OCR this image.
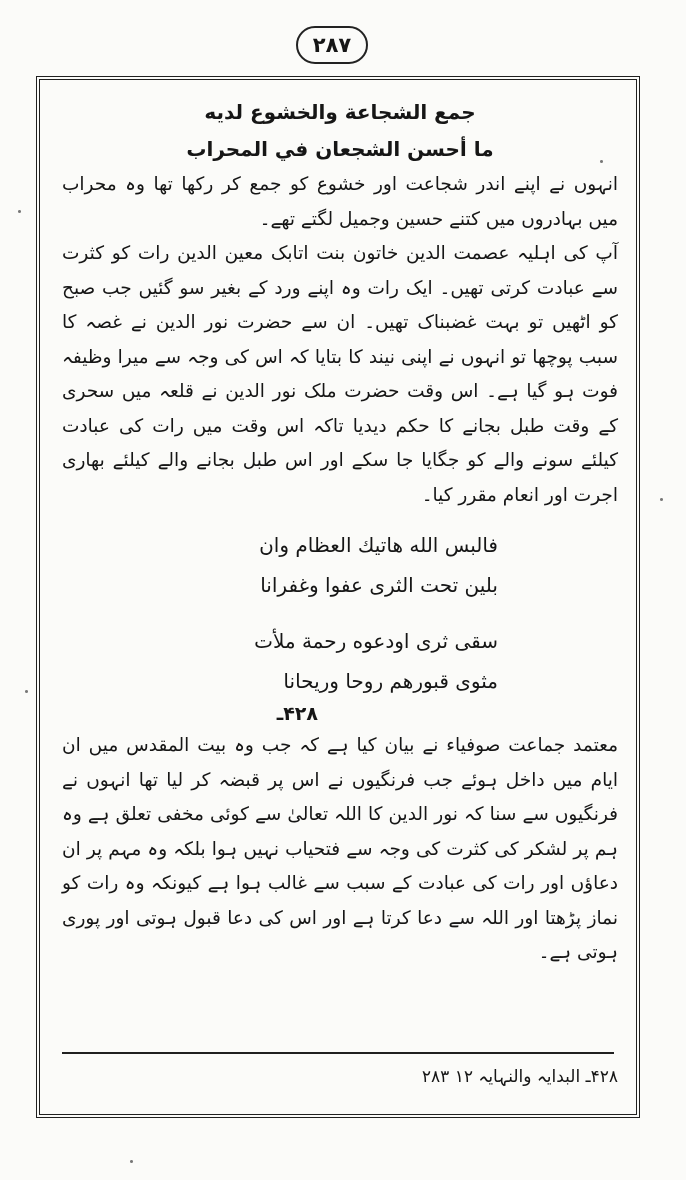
۲۸۷
جمع الشجاعة والخشوع لديه
ما أحسن الشجعان في المحراب

انہوں نے اپنے اندر شجاعت اور خشوع کو جمع کر رکھا تھا وہ محراب میں بہادروں میں کتنے حسین وجمیل لگتے تھے۔

آپ کی اہلیہ عصمت الدین خاتون بنت اتابک معین الدین رات کو کثرت سے عبادت کرتی تھیں۔ ایک رات وہ اپنے ورد کے بغیر سو گئیں جب صبح کو اٹھیں تو بہت غضبناک تھیں۔ ان سے حضرت نور الدین نے غصہ کا سبب پوچھا تو انہوں نے اپنی نیند کا بتایا کہ اس کی وجہ سے میرا وظیفہ فوت ہو گیا ہے۔ اس وقت حضرت ملک نور الدین نے قلعہ میں سحری کے وقت طبل بجانے کا حکم دیدیا تاکہ اس وقت میں رات کی عبادت کیلئے سونے والے کو جگایا جا سکے اور اس طبل بجانے والے کیلئے بھاری اجرت اور انعام مقرر کیا۔

فالبس الله هاتيك العظام وان
بلين تحت الثرى عفوا وغفرانا
سقى ثرى اودعوه رحمة ملأت
مثوى قبورهم روحا وريحانا
۴۲۸ـ

معتمد جماعت صوفیاء نے بیان کیا ہے کہ جب وہ بیت المقدس میں ان ایام میں داخل ہوئے جب فرنگیوں نے اس پر قبضہ کر لیا تھا انہوں نے فرنگیوں سے سنا کہ نور الدین کا اللہ تعالیٰ سے کوئی مخفی تعلق ہے وہ ہم پر لشکر کی کثرت کی وجہ سے فتحیاب نہیں ہوا بلکہ وہ مہم پر ان دعاؤں اور رات کی عبادت کے سبب سے غالب ہوا ہے کیونکہ وہ رات کو نماز پڑھتا اور اللہ سے دعا کرتا ہے اور اس کی دعا قبول ہوتی اور پوری ہوتی ہے۔

۴۲۸ـ البدایہ والنہایہ ۱۲ ۲۸۳
